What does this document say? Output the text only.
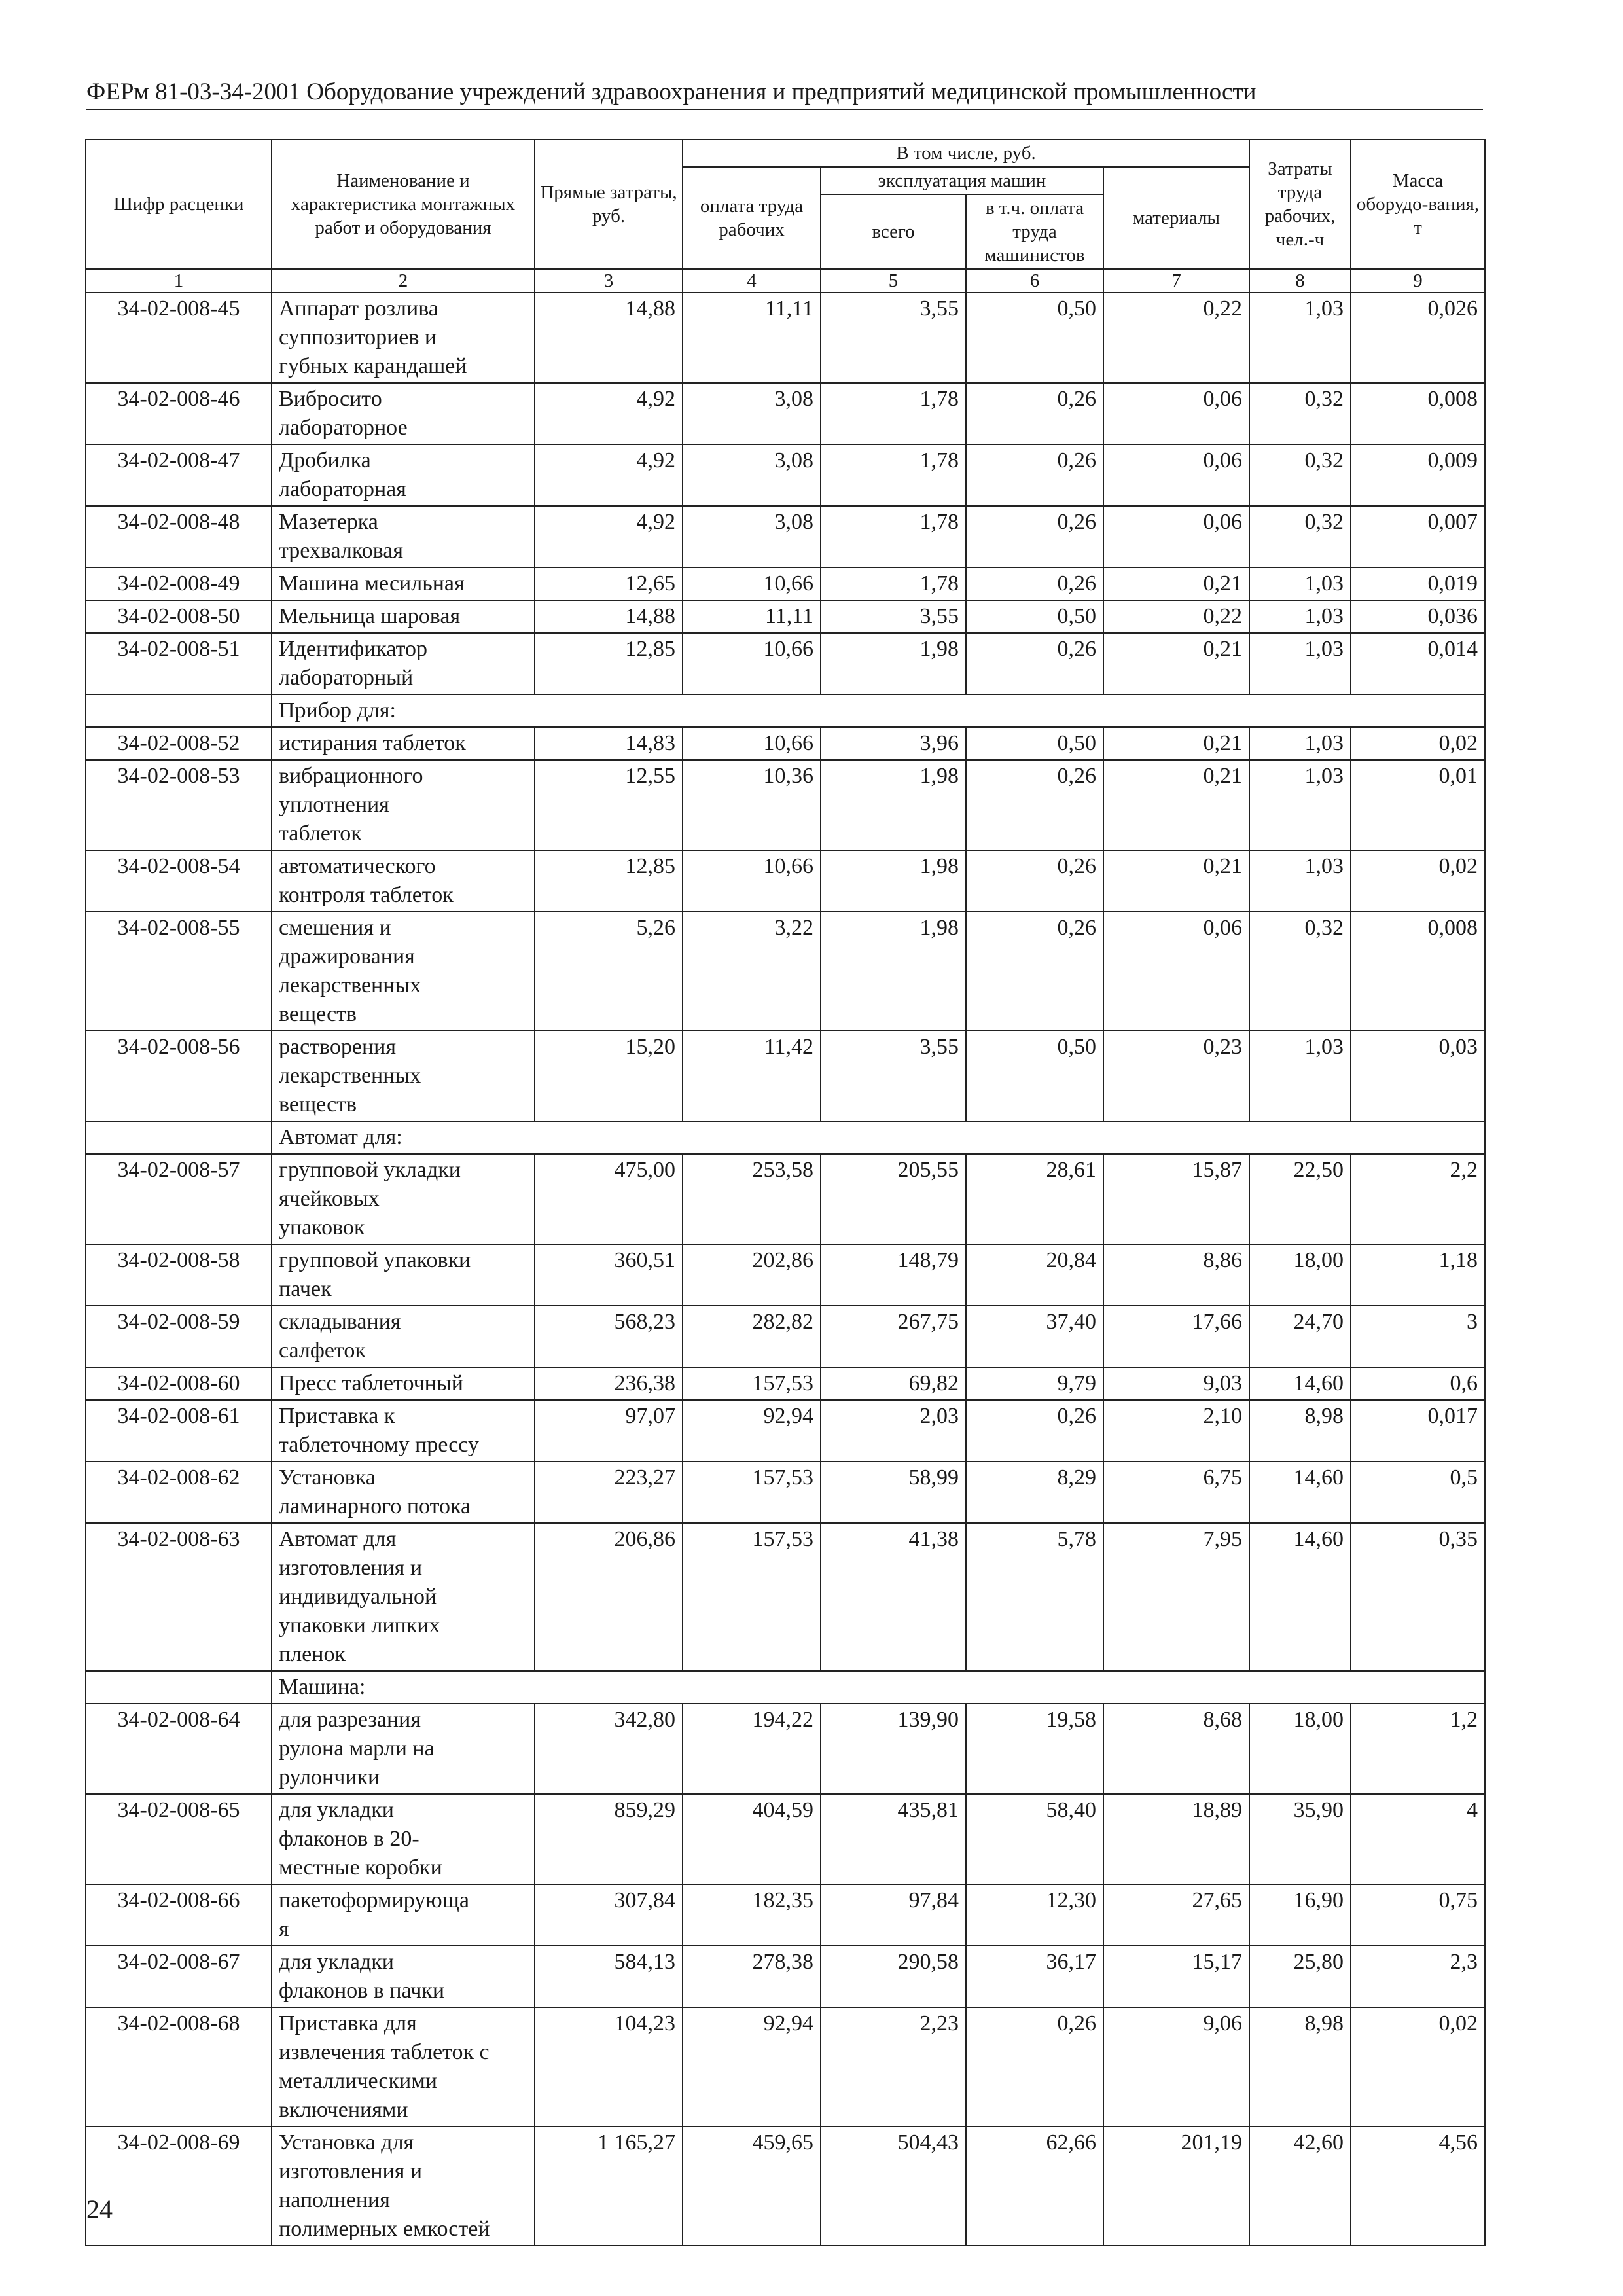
ФЕРм 81-03-34-2001 Оборудование учреждений здравоохранения и предприятий медицинской промышленности
Шифр расценки	Наименование и характеристика монтажных работ и оборудования	Прямые затраты, руб.	В том числе, руб.				Затраты труда рабочих, чел.-ч	Масса оборудо-вания, т
			оплата труда рабочих	эксплуатация машин		материалы		
				всего	в т.ч. оплата труда машинистов			
1	2	3	4	5	6	7	8	9
34-02-008-45	Аппарат розлива
суппозиториев и
губных карандашей	14,88	11,11	3,55	0,50	0,22	1,03	0,026
34-02-008-46	Вибросито
лабораторное	4,92	3,08	1,78	0,26	0,06	0,32	0,008
34-02-008-47	Дробилка
лабораторная	4,92	3,08	1,78	0,26	0,06	0,32	0,009
34-02-008-48	Мазетерка
трехвалковая	4,92	3,08	1,78	0,26	0,06	0,32	0,007
34-02-008-49	Машина месильная	12,65	10,66	1,78	0,26	0,21	1,03	0,019
34-02-008-50	Мельница шаровая	14,88	11,11	3,55	0,50	0,22	1,03	0,036
34-02-008-51	Идентификатор
лабораторный	12,85	10,66	1,98	0,26	0,21	1,03	0,014
	Прибор для:							
34-02-008-52	истирания таблеток	14,83	10,66	3,96	0,50	0,21	1,03	0,02
34-02-008-53	вибрационного
уплотнения
таблеток	12,55	10,36	1,98	0,26	0,21	1,03	0,01
34-02-008-54	автоматического
контроля таблеток	12,85	10,66	1,98	0,26	0,21	1,03	0,02
34-02-008-55	смешения и
дражирования
лекарственных
веществ	5,26	3,22	1,98	0,26	0,06	0,32	0,008
34-02-008-56	растворения
лекарственных
веществ	15,20	11,42	3,55	0,50	0,23	1,03	0,03
	Автомат для:							
34-02-008-57	групповой укладки
ячейковых
упаковок	475,00	253,58	205,55	28,61	15,87	22,50	2,2
34-02-008-58	групповой упаковки
пачек	360,51	202,86	148,79	20,84	8,86	18,00	1,18
34-02-008-59	складывания
салфеток	568,23	282,82	267,75	37,40	17,66	24,70	3
34-02-008-60	Пресс таблеточный	236,38	157,53	69,82	9,79	9,03	14,60	0,6
34-02-008-61	Приставка к
таблеточному прессу	97,07	92,94	2,03	0,26	2,10	8,98	0,017
34-02-008-62	Установка
ламинарного потока	223,27	157,53	58,99	8,29	6,75	14,60	0,5
34-02-008-63	Автомат для
изготовления и
индивидуальной
упаковки липких
пленок	206,86	157,53	41,38	5,78	7,95	14,60	0,35
	Машина:							
34-02-008-64	для разрезания
рулона марли на
рулончики	342,80	194,22	139,90	19,58	8,68	18,00	1,2
34-02-008-65	для укладки
флаконов в 20-
местные коробки	859,29	404,59	435,81	58,40	18,89	35,90	4
34-02-008-66	пакетоформирующа
я	307,84	182,35	97,84	12,30	27,65	16,90	0,75
34-02-008-67	для укладки
флаконов в пачки	584,13	278,38	290,58	36,17	15,17	25,80	2,3
34-02-008-68	Приставка для
извлечения таблеток с
металлическими
включениями	104,23	92,94	2,23	0,26	9,06	8,98	0,02
34-02-008-69	Установка для
изготовления и
наполнения
полимерных емкостей	1 165,27	459,65	504,43	62,66	201,19	42,60	4,56
24
